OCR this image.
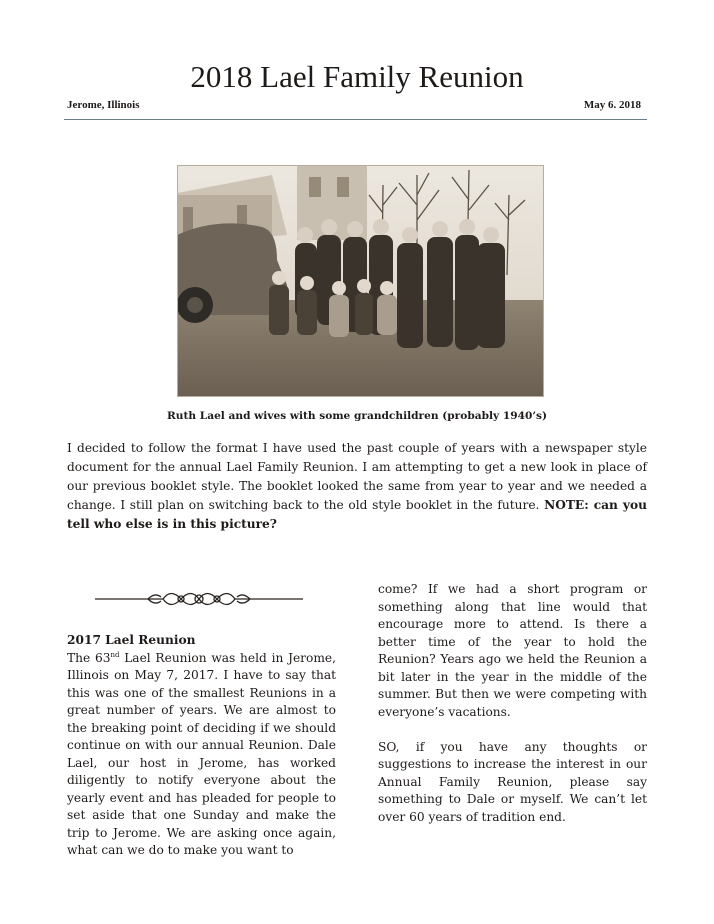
2018 Lael Family Reunion
Jerome, Illinois	May 6. 2018
Ruth Lael and wives with some grandchildren (probably 1940’s)

I decided to follow the format I have used the past couple of years with a newspaper style document for the annual Lael Family Reunion. I am attempting to get a new look in place of our previous booklet style. The booklet looked the same from year to year and we needed a change. I still plan on switching back to the old style booklet in the future. NOTE: can you tell who else is in this picture?

2017 Lael Reunion

The 63nd Lael Reunion was held in Jerome, Illinois on May 7, 2017. I have to say that this was one of the smallest Reunions in a great number of years. We are almost to the breaking point of deciding if we should continue on with our annual Reunion. Dale Lael, our host in Jerome, has worked diligently to notify everyone about the yearly event and has pleaded for people to set aside that one Sunday and make the trip to Jerome. We are asking once again, what can we do to make you want to

come? If we had a short program or something along that line would that encourage more to attend. Is there a better time of the year to hold the Reunion? Years ago we held the Reunion a bit later in the year in the middle of the summer. But then we were competing with everyone’s vacations.

SO, if you have any thoughts or suggestions to increase the interest in our Annual Family Reunion, please say something to Dale or myself. We can’t let over 60 years of tradition end.
